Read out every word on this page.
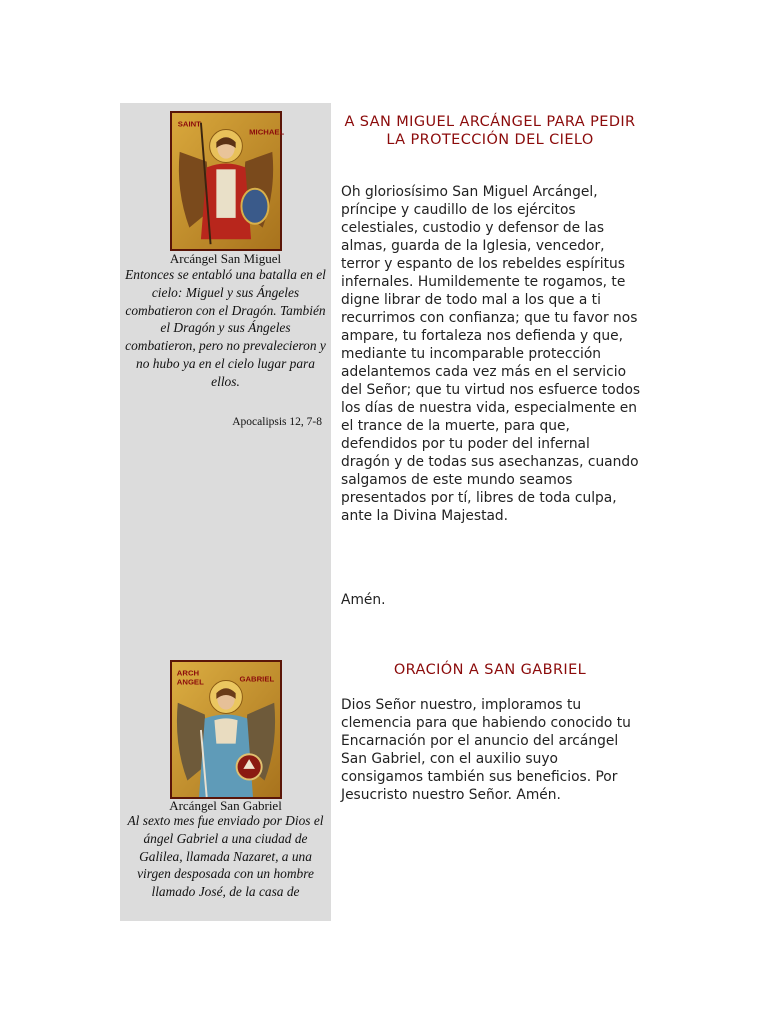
SAINT
MICHAEL
Arcángel San Miguel
Entonces se entabló una batalla en el cielo: Miguel y sus Ángeles combatieron con el Dragón. También el Dragón y sus Ángeles combatieron, pero no prevalecieron y no hubo ya en el cielo lugar para ellos.
Apocalipsis 12, 7-8
ARCH
ANGEL	GABRIEL
Arcángel San Gabriel
Al sexto mes fue enviado por Dios el ángel Gabriel a una ciudad de Galilea, llamada Nazaret, a una virgen desposada con un hombre llamado José, de la casa de
A SAN MIGUEL ARCÁNGEL PARA PEDIR LA PROTECCIÓN DEL CIELO
Oh gloriosísimo San Miguel Arcángel, príncipe y caudillo de los ejércitos celestiales, custodio y defensor de las almas, guarda de la Iglesia, vencedor, terror y espanto de los rebeldes espíritus infernales. Humildemente te rogamos, te digne librar de todo mal a los que a ti recurrimos con confianza; que tu favor nos ampare, tu fortaleza nos defienda y que, mediante tu incomparable protección adelantemos cada vez más en el servicio del Señor; que tu virtud nos esfuerce todos los días de nuestra vida, especialmente en el trance de la muerte, para que, defendidos por tu poder del infernal dragón y de todas sus asechanzas, cuando salgamos de este mundo seamos presentados por tí, libres de toda culpa, ante la Divina Majestad.
Amén.
ORACIÓN A SAN GABRIEL
Dios Señor nuestro, imploramos tu clemencia para que habiendo conocido tu Encarnación por el anuncio del arcángel San Gabriel, con el auxilio suyo consigamos también sus beneficios. Por Jesucristo nuestro Señor. Amén.
